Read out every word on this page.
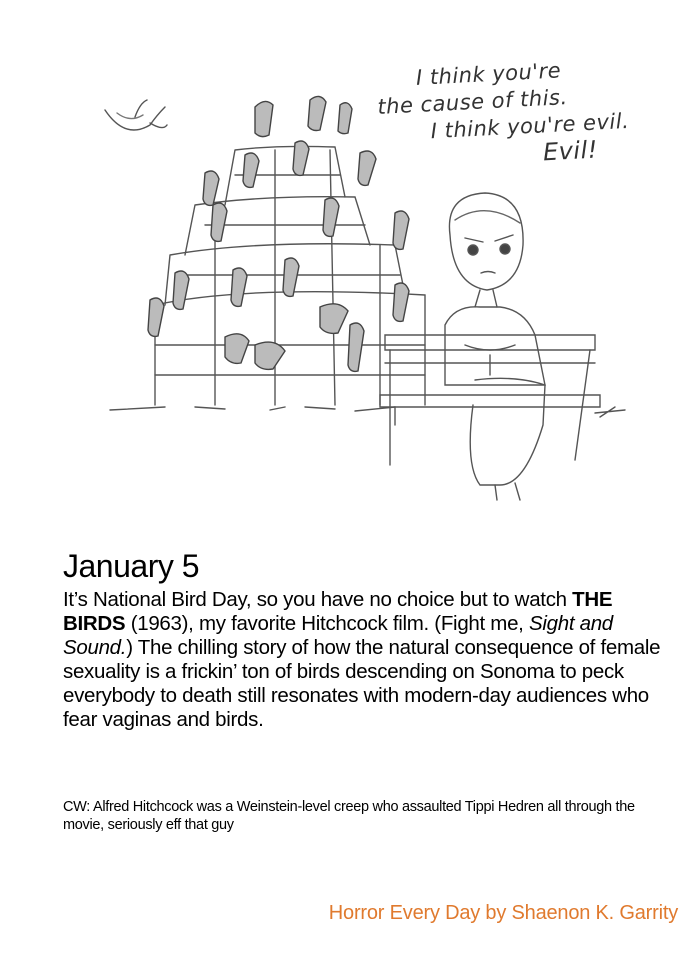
I think you're
the cause of this.
I think you're evil.
Evil!
January 5

It’s National Bird Day, so you have no choice but to watch THE BIRDS (1963), my favorite Hitchcock film. (Fight me, Sight and Sound.) The chilling story of how the natural consequence of female sexuality is a frickin’ ton of birds descending on Sonoma to peck everybody to death still resonates with modern-day audiences who fear vaginas and birds.

CW: Alfred Hitchcock was a Weinstein-level creep who assaulted Tippi Hedren all through the movie, seriously eff that guy

Horror Every Day by Shaenon K. Garrity
